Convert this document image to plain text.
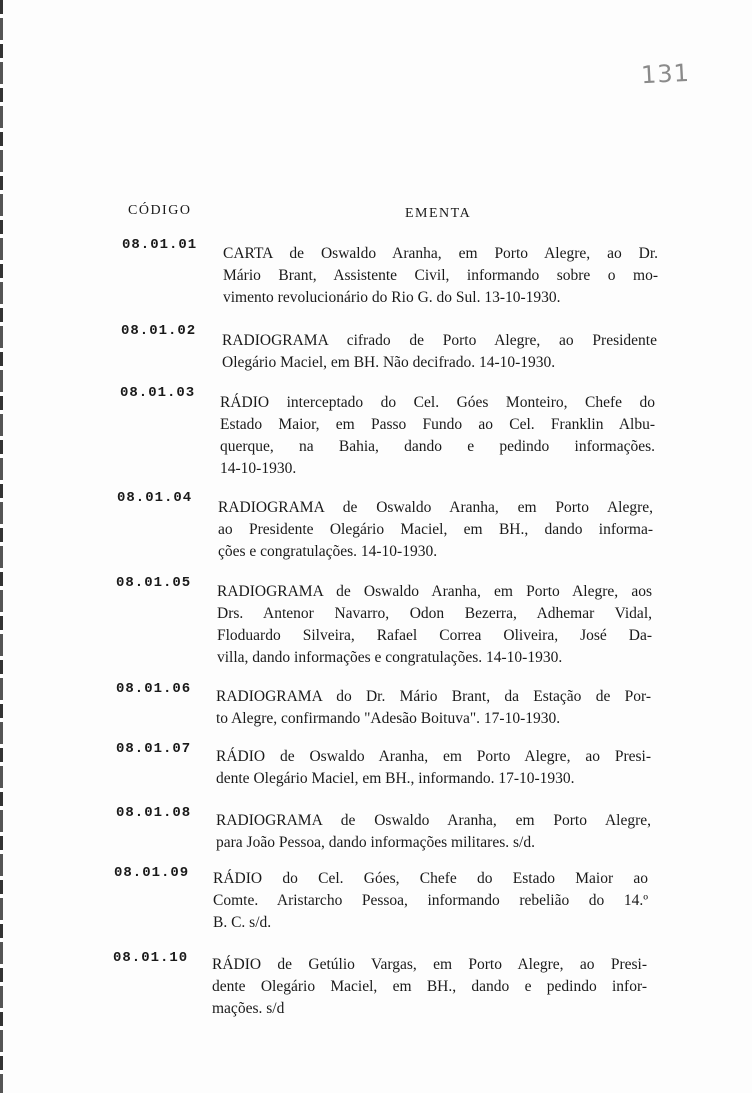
131
CÓDIGO	EMENTA
08.01.01 CARTA de Oswaldo Aranha, em Porto Alegre, ao Dr.
Mário Brant, Assistente Civil, informando sobre o mo-
vimento revolucionário do Rio G. do Sul. 13-10-1930.
08.01.02
RADIOGRAMA cifrado de Porto Alegre, ao Presidente
Olegário Maciel, em BH. Não decifrado. 14-10-1930.
08.01.03
RÁDIO interceptado do Cel. Góes Monteiro, Chefe do
Estado Maior, em Passo Fundo ao Cel. Franklin Albu-
querque, na Bahia, dando e pedindo informações.
14-10-1930.
08.01.04
RADIOGRAMA de Oswaldo Aranha, em Porto Alegre,
ao Presidente Olegário Maciel, em BH., dando informa-
ções e congratulações. 14-10-1930.
08.01.05 RADIOGRAMA de Oswaldo Aranha, em Porto Alegre, aos
Drs. Antenor Navarro, Odon Bezerra, Adhemar Vidal,
Floduardo Silveira, Rafael Correa Oliveira, José Da-
villa, dando informações e congratulações. 14-10-1930.
08.01.06 RADIOGRAMA do Dr. Mário Brant, da Estação de Por-
to Alegre, confirmando "Adesão Boituva". 17-10-1930.
08.01.07 RÁDIO de Oswaldo Aranha, em Porto Alegre, ao Presi-
dente Olegário Maciel, em BH., informando. 17-10-1930.
08.01.08 RADIOGRAMA de Oswaldo Aranha, em Porto Alegre,
para João Pessoa, dando informações militares. s/d.
08.01.09 RÁDIO do Cel. Góes, Chefe do Estado Maior ao
Comte. Aristarcho Pessoa, informando rebelião do 14.º
B. C. s/d.
08.01.10 RÁDIO de Getúlio Vargas, em Porto Alegre, ao Presi-
dente Olegário Maciel, em BH., dando e pedindo infor-
mações. s/d
